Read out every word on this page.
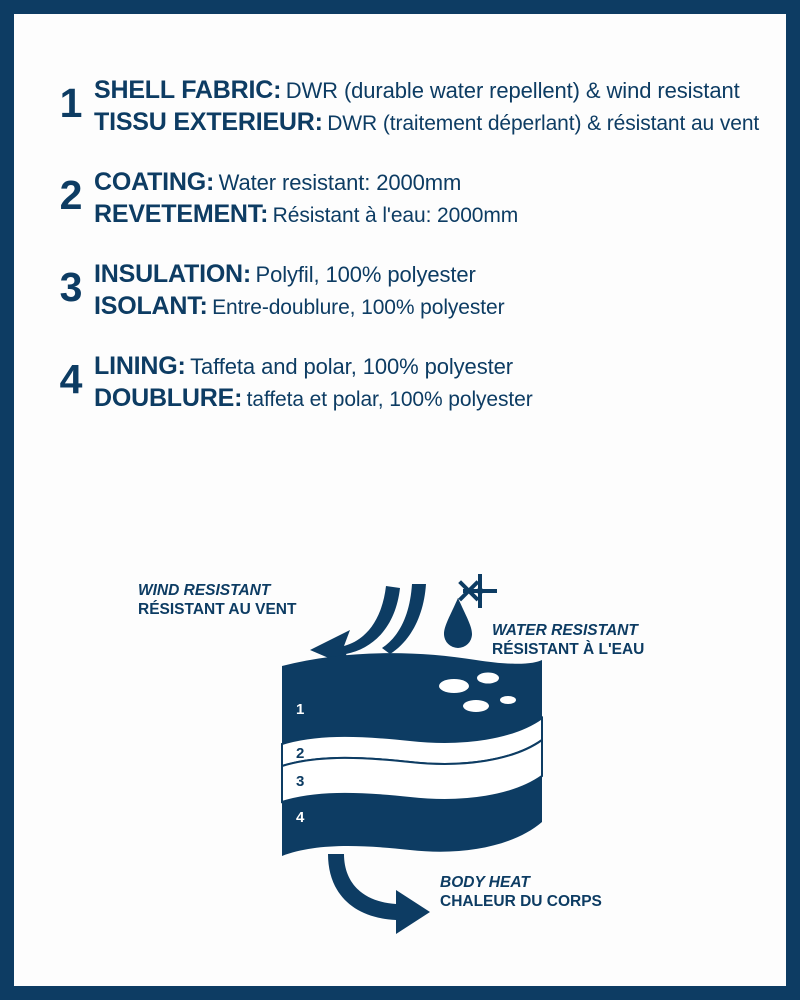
1 SHELL FABRIC: DWR (durable water repellent) & wind resistant
TISSU EXTERIEUR: DWR (traitement déperlant) & résistant au vent
2 COATING: Water resistant: 2000mm
REVETEMENT: Résistant à l'eau: 2000mm
3 INSULATION: Polyfil, 100% polyester
ISOLANT: Entre-doublure, 100% polyester
4 LINING: Taffeta and polar, 100% polyester
DOUBLURE: taffeta et polar, 100% polyester
1
2
3
4
WIND RESISTANT
RÉSISTANT AU VENT
WATER RESISTANT
RÉSISTANT À L'EAU
BODY HEAT
CHALEUR DU CORPS
